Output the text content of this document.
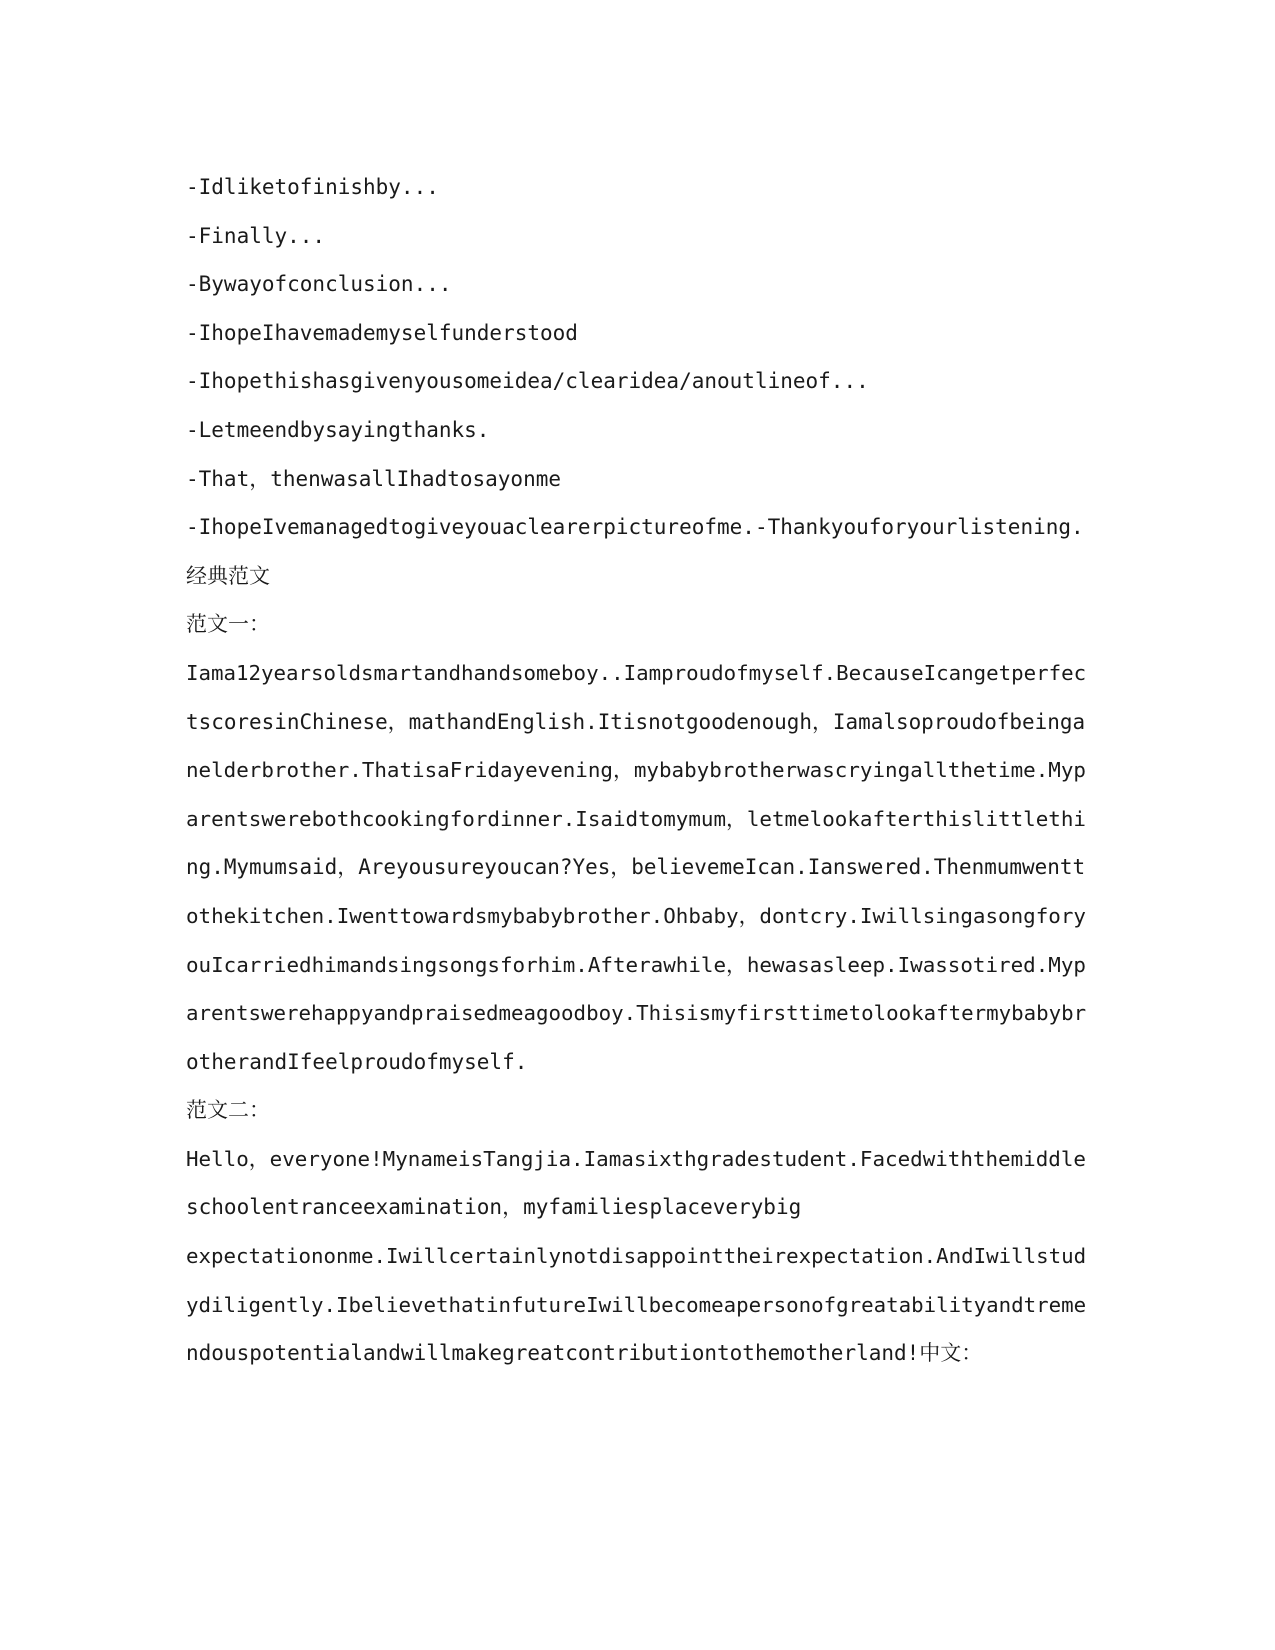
-Idliketofinishby...
-Finally...
-Bywayofconclusion...
-IhopeIhavemademyselfunderstood
-Ihopethishasgivenyousomeidea/clearidea/anoutlineof...
-Letmeendbysayingthanks.
-That，thenwasallIhadtosayonme
-IhopeIvemanagedtogiveyouaclearerpictureofme.-Thankyouforyourlistening.
经典范文
范文一：
Iama12yearsoldsmartandhandsomeboy..Iamproudofmyself.BecauseIcangetperfec
tscoresinChinese，mathandEnglish.Itisnotgoodenough，Iamalsoproudofbeinga
nelderbrother.ThatisaFridayevening，mybabybrotherwascryingallthetime.Myp
arentswerebothcookingfordinner.Isaidtomymum，letmelookafterthislittlethi
ng.Mymumsaid，Areyousureyoucan?Yes，believemeIcan.Ianswered.Thenmumwentt
othekitchen.Iwenttowardsmybabybrother.Ohbaby，dontcry.Iwillsingasongfory
ouIcarriedhimandsingsongsforhim.Afterawhile，hewasasleep.Iwassotired.Myp
arentswerehappyandpraisedmeagoodboy.Thisismyfirsttimetolookaftermybabybr
otherandIfeelproudofmyself.
范文二：
Hello，everyone!MynameisTangjia.Iamasixthgradestudent.Facedwiththemiddle
schoolentranceexamination，myfamiliesplaceverybig
expectationonme.Iwillcertainlynotdisappointtheirexpectation.AndIwillstud
ydiligently.IbelievethatinfutureIwillbecomeapersonofgreatabilityandtreme
ndouspotentialandwillmakegreatcontributiontothemotherland!中文：
